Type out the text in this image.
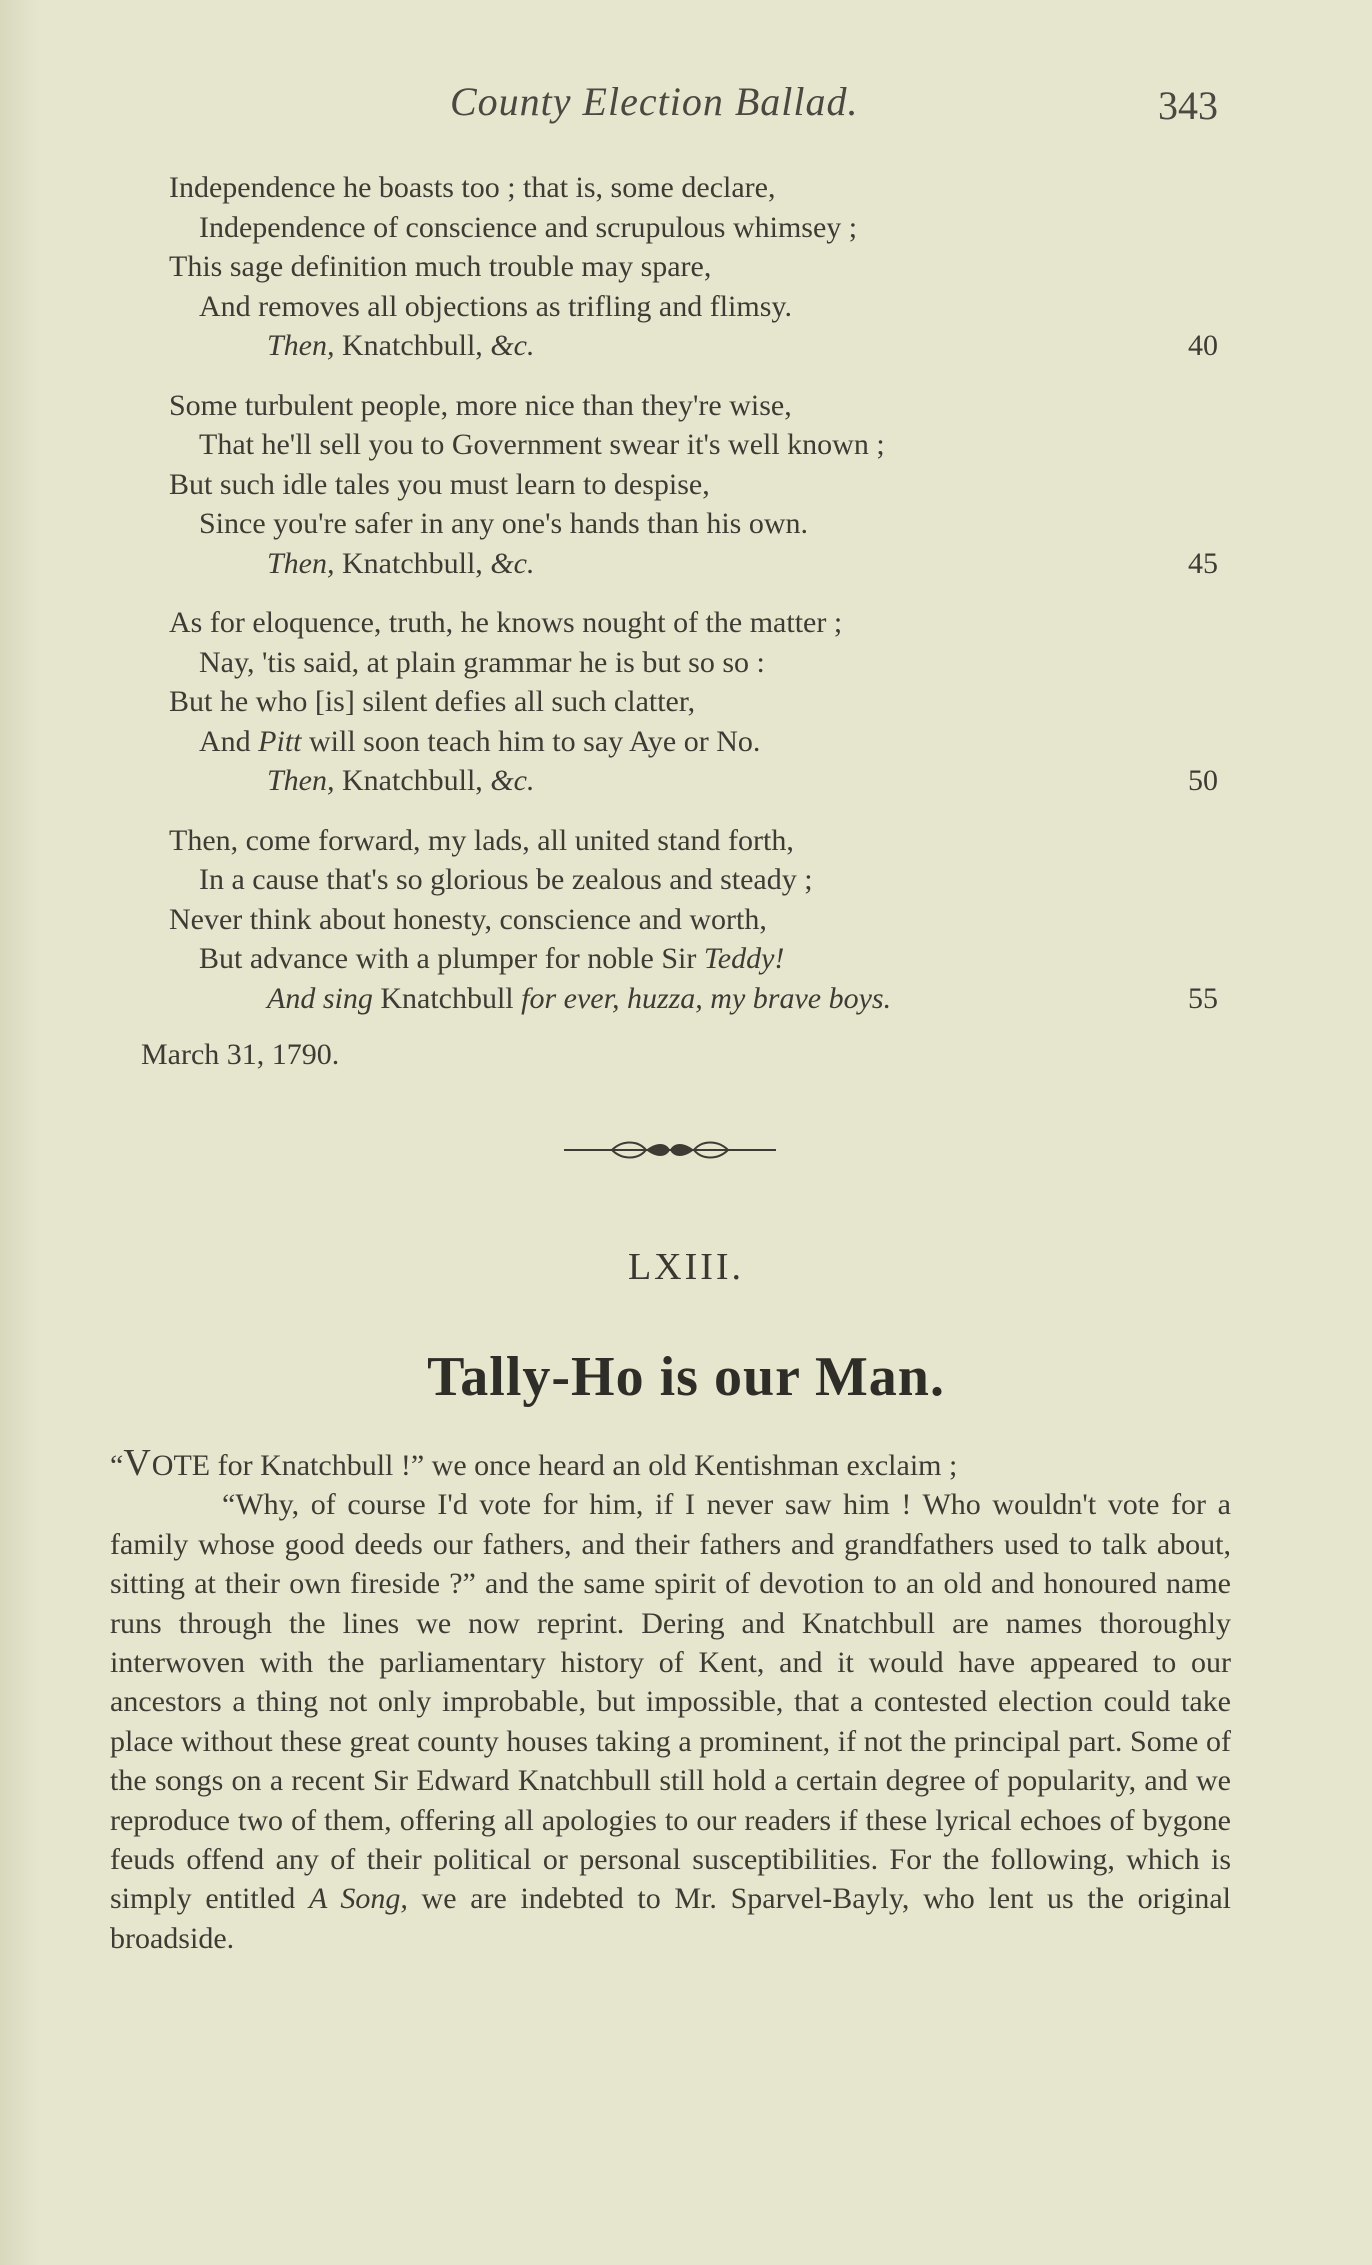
County Election Ballad.	343
Independence he boasts too ; that is, some declare,
Independence of conscience and scrupulous whimsey ;
This sage definition much trouble may spare,
And removes all objections as trifling and flimsy.
Then, Knatchbull, &c.	40
Some turbulent people, more nice than they're wise,
That he'll sell you to Government swear it's well known ;
But such idle tales you must learn to despise,
Since you're safer in any one's hands than his own.
Then, Knatchbull, &c.	45
As for eloquence, truth, he knows nought of the matter ;
Nay, 'tis said, at plain grammar he is but so so :
But he who [is] silent defies all such clatter,
And Pitt will soon teach him to say Aye or No.
Then, Knatchbull, &c.	50
Then, come forward, my lads, all united stand forth,
In a cause that's so glorious be zealous and steady ;
Never think about honesty, conscience and worth,
But advance with a plumper for noble Sir Teddy!
And sing Knatchbull for ever, huzza, my brave boys.	55
March 31, 1790.
LXIII.
Tally-Ho is our Man.

“VOTE for Knatchbull !” we once heard an old Kentishman exclaim ;
“Why, of course I'd vote for him, if I never saw him ! Who wouldn't vote for a family whose good deeds our fathers, and their fathers and grandfathers used to talk about, sitting at their own fireside ?” and the same spirit of devotion to an old and honoured name runs through the lines we now reprint. Dering and Knatchbull are names thoroughly interwoven with the parliamentary history of Kent, and it would have appeared to our ancestors a thing not only improbable, but impossible, that a contested election could take place without these great county houses taking a prominent, if not the principal part. Some of the songs on a recent Sir Edward Knatchbull still hold a certain degree of popularity, and we reproduce two of them, offering all apologies to our readers if these lyrical echoes of bygone feuds offend any of their political or personal susceptibilities. For the following, which is simply entitled A Song, we are indebted to Mr. Sparvel-Bayly, who lent us the original broadside.
